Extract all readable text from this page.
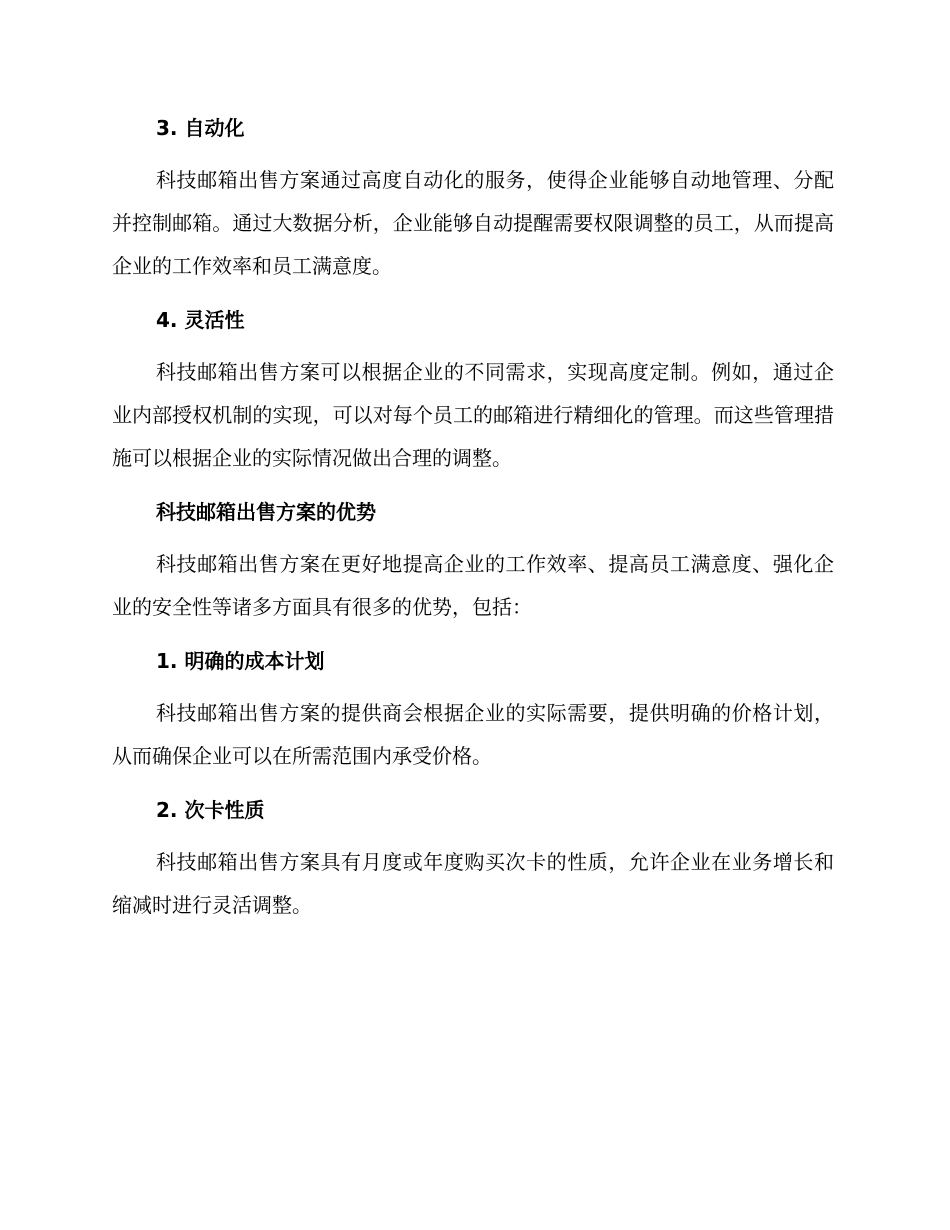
3. 自动化

科技邮箱出售方案通过高度自动化的服务，使得企业能够自动地管理、分配并控制邮箱。通过大数据分析，企业能够自动提醒需要权限调整的员工，从而提高企业的工作效率和员工满意度。

4. 灵活性

科技邮箱出售方案可以根据企业的不同需求，实现高度定制。例如，通过企业内部授权机制的实现，可以对每个员工的邮箱进行精细化的管理。而这些管理措施可以根据企业的实际情况做出合理的调整。

科技邮箱出售方案的优势

科技邮箱出售方案在更好地提高企业的工作效率、提高员工满意度、强化企业的安全性等诸多方面具有很多的优势，包括：

1. 明确的成本计划

科技邮箱出售方案的提供商会根据企业的实际需要，提供明确的价格计划，从而确保企业可以在所需范围内承受价格。

2. 次卡性质

科技邮箱出售方案具有月度或年度购买次卡的性质，允许企业在业务增长和缩减时进行灵活调整。
